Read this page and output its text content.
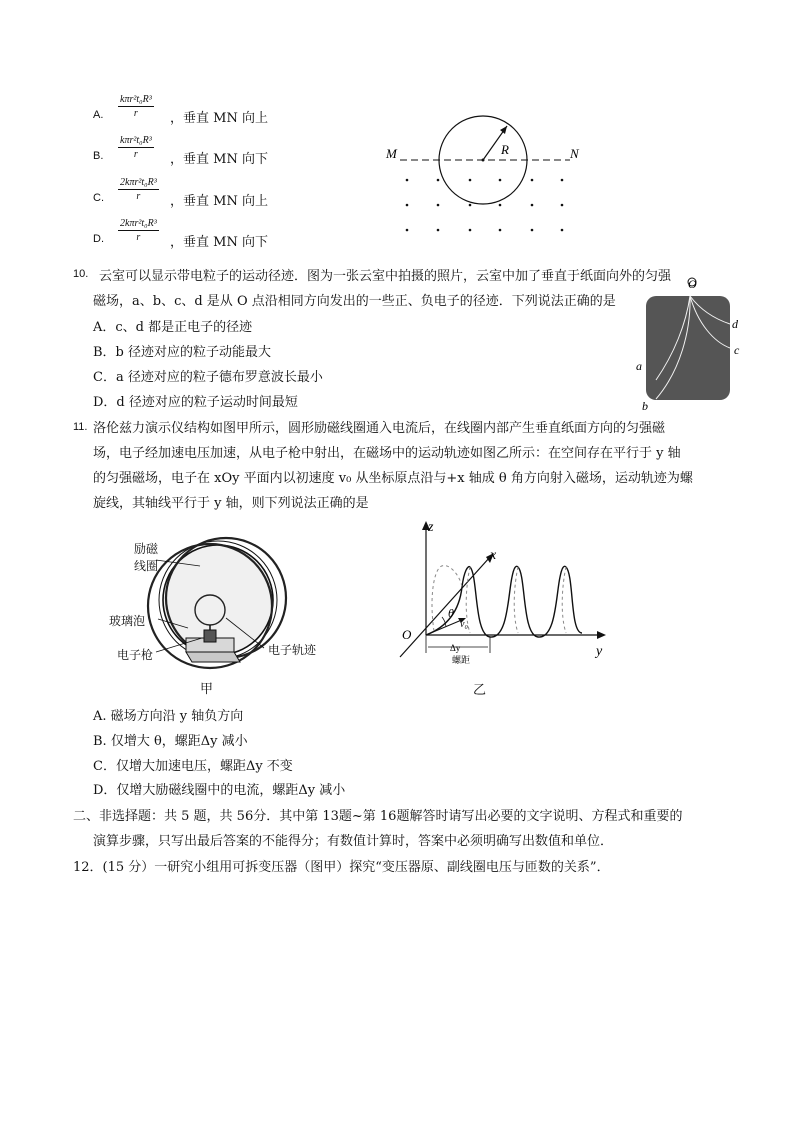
A.
kπr²t₀R³
r	，垂直 MN 向上
B.
kπr²t₀R³
r	，垂直 MN 向下
C.
2kπr²t₀R³
r	，垂直 MN 向上
D.
2kπr²t₀R³
r	，垂直 MN 向下
M	N
R
10. 云室可以显示带电粒子的运动径迹．图为一张云室中拍摄的照片，云室中加了垂直于纸面向外的匀强
磁场，a、b、c、d 是从 O 点沿相同方向发出的一些正、负电子的径迹．下列说法正确的是
A．c、d 都是正电子的径迹
B．b 径迹对应的粒子动能最大
C．a 径迹对应的粒子德布罗意波长最小
D．d 径迹对应的粒子运动时间最短
O
a
b
c
d
11. 洛伦兹力演示仪结构如图甲所示，圆形励磁线圈通入电流后，在线圈内部产生垂直纸面方向的匀强磁
场，电子经加速电压加速，从电子枪中射出，在磁场中的运动轨迹如图乙所示：在空间存在平行于 y 轴
的匀强磁场，电子在 xOy 平面内以初速度 v₀ 从坐标原点沿与+x 轴成 θ 角方向射入磁场，运动轨迹为螺
旋线，其轴线平行于 y 轴，则下列说法正确的是
励磁
线圈
玻璃泡
电子枪	电子轨迹
甲
z
x
y
O
θ
v₀
Δy
螺距
乙
A. 磁场方向沿 y 轴负方向
B. 仅增大 θ，螺距Δy 减小
C．仅增大加速电压，螺距Δy 不变
D．仅增大励磁线圈中的电流，螺距Δy 减小
二、非选择题：共 5 题，共 56分．其中第 13题~第 16题解答时请写出必要的文字说明、方程式和重要的
演算步骤，只写出最后答案的不能得分；有数值计算时，答案中必须明确写出数值和单位．
12．(15 分）一研究小组用可拆变压器（图甲）探究“变压器原、副线圈电压与匝数的关系”．
